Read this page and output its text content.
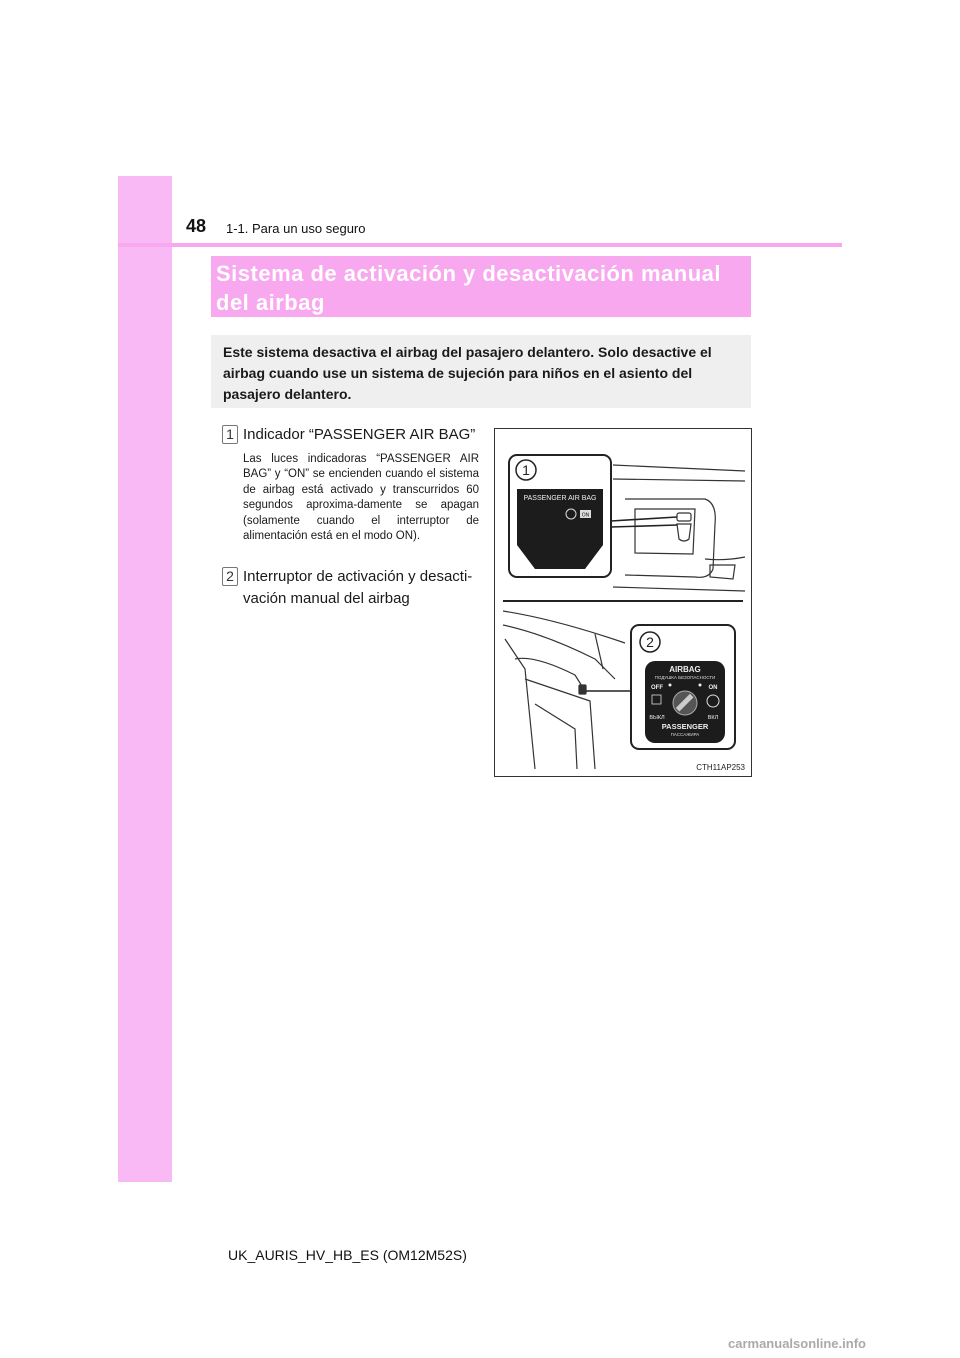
48 1-1. Para un uso seguro
Sistema de activación y desactivación manual del airbag
Este sistema desactiva el airbag del pasajero delantero. Solo desactive el airbag cuando use un sistema de sujeción para niños en el asiento del pasajero delantero.
1 Indicador “PASSENGER AIR BAG”
Las luces indicadoras “PASSENGER AIR BAG” y “ON” se encienden cuando el sistema de airbag está activado y transcurridos 60 segundos aproxima-damente se apagan (solamente cuando el interruptor de alimentación está en el modo ON).
2 Interruptor de activación y desacti-vación manual del airbag
1
PASSENGER AIR BAG
ON
2
AIRBAG
ПОДУШКА БЕЗОПАСНОСТИ
OFF	ON
ВЫКЛ	ВКЛ
PASSENGER
ПАССАЖИРА
CTH11AP253
UK_AURIS_HV_HB_ES (OM12M52S)
carmanualsonline.info
